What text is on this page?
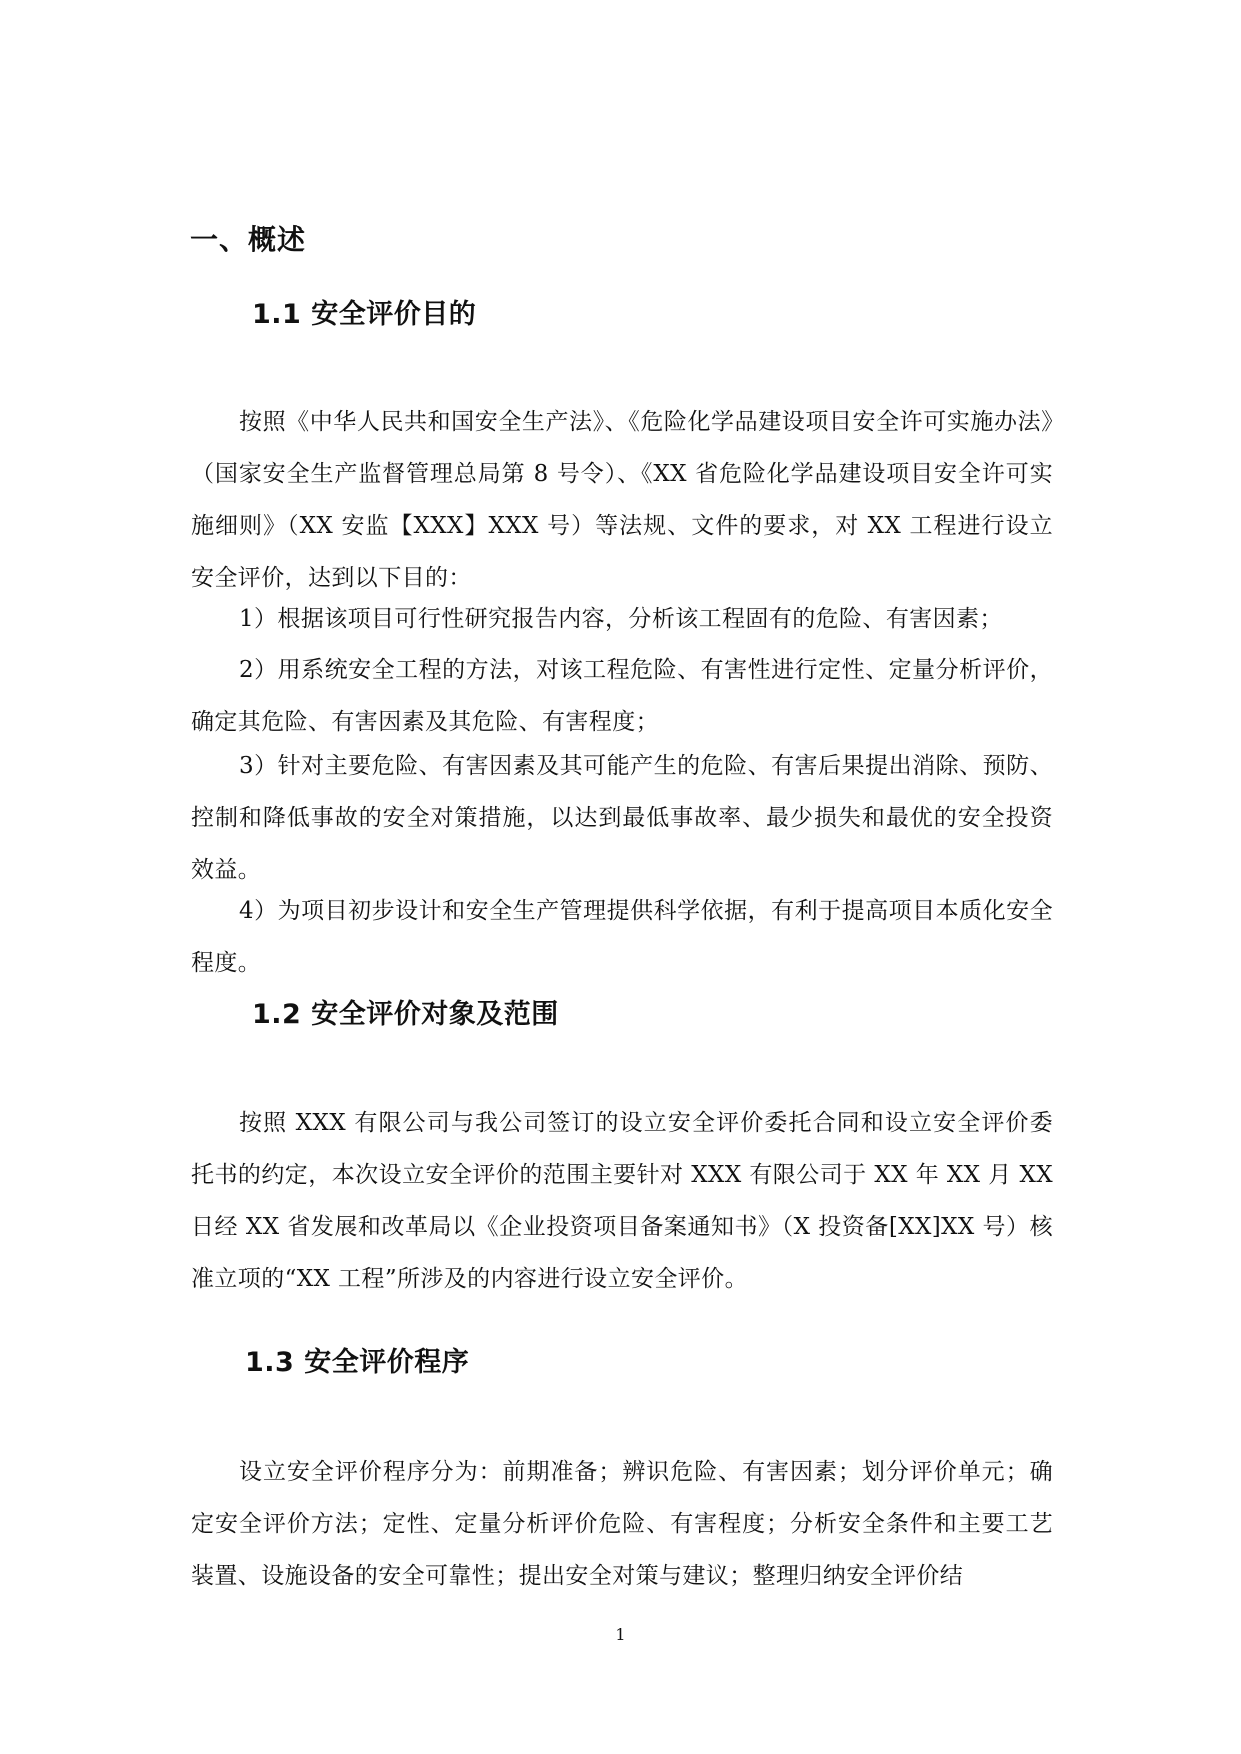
一、概述
1.1 安全评价目的

按照《中华人民共和国安全生产法》、《危险化学品建设项目安全许可实施办法》（国家安全生产监督管理总局第 8 号令）、《XX 省危险化学品建设项目安全许可实施细则》（XX 安监【XXX】XXX 号）等法规、文件的要求，对 XX 工程进行设立安全评价，达到以下目的：

1）根据该项目可行性研究报告内容，分析该工程固有的危险、有害因素；

2）用系统安全工程的方法，对该工程危险、有害性进行定性、定量分析评价，确定其危险、有害因素及其危险、有害程度；

3）针对主要危险、有害因素及其可能产生的危险、有害后果提出消除、预防、控制和降低事故的安全对策措施，以达到最低事故率、最少损失和最优的安全投资效益。

4）为项目初步设计和安全生产管理提供科学依据，有利于提高项目本质化安全程度。

1.2 安全评价对象及范围

按照 XXX 有限公司与我公司签订的设立安全评价委托合同和设立安全评价委托书的约定，本次设立安全评价的范围主要针对 XXX 有限公司于 XX 年 XX 月 XX 日经 XX 省发展和改革局以《企业投资项目备案通知书》（X 投资备[XX]XX 号）核准立项的“XX 工程”所涉及的内容进行设立安全评价。

1.3 安全评价程序

设立安全评价程序分为：前期准备；辨识危险、有害因素；划分评价单元；确定安全评价方法；定性、定量分析评价危险、有害程度；分析安全条件和主要工艺装置、设施设备的安全可靠性；提出安全对策与建议；整理归纳安全评价结

1
